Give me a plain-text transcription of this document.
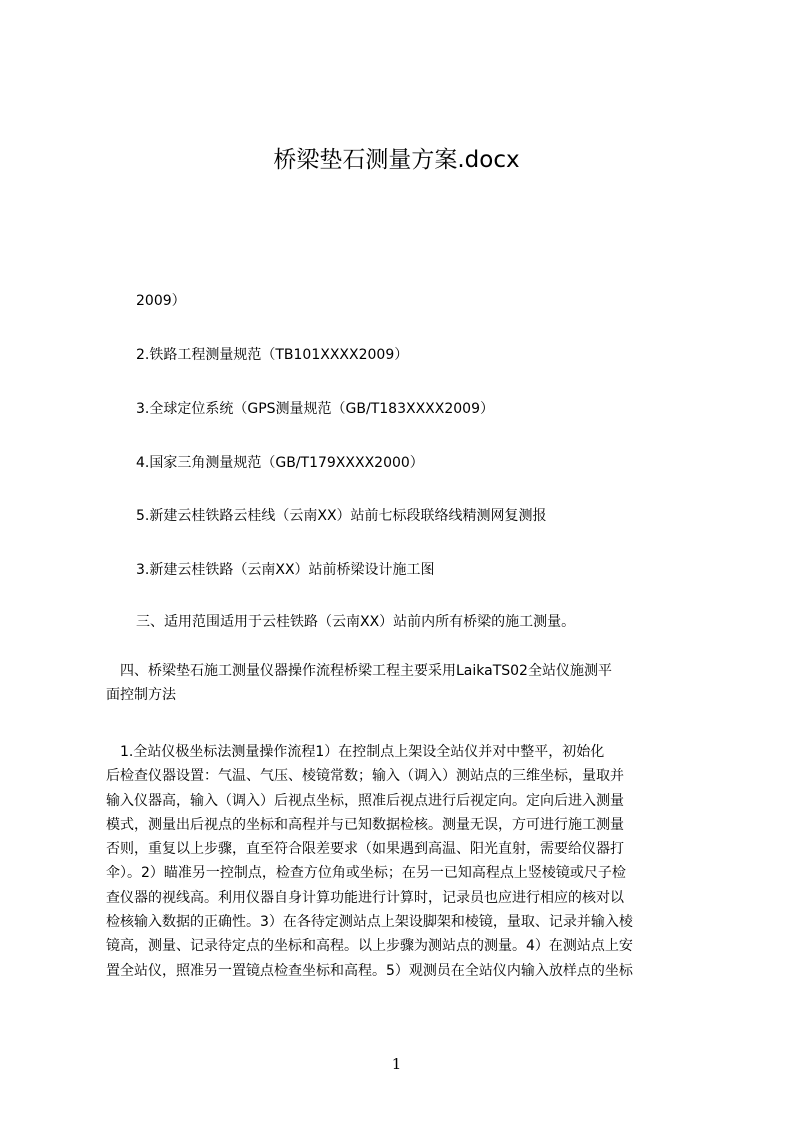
桥梁垫石测量方案.docx
2009）
2.铁路工程测量规范（TB101XXXX2009）
3.全球定位系统（GPS测量规范（GB/T183XXXX2009）
4.国家三角测量规范（GB/T179XXXX2000）
5.新建云桂铁路云桂线（云南XX）站前七标段联络线精测网复测报
3.新建云桂铁路（云南XX）站前桥梁设计施工图
三、适用范围适用于云桂铁路（云南XX）站前内所有桥梁的施工测量。
　四、桥梁垫石施工测量仪器操作流程桥梁工程主要采用LaikaTS02全站仪施测平
面控制方法
　1.全站仪极坐标法测量操作流程1）在控制点上架设全站仪并对中整平，初始化
后检查仪器设置：气温、气压、棱镜常数；输入（调入）测站点的三维坐标，量取并
输入仪器高，输入（调入）后视点坐标，照准后视点进行后视定向。定向后进入测量
模式，测量出后视点的坐标和高程并与已知数据检核。测量无误，方可进行施工测量
否则，重复以上步骤，直至符合限差要求（如果遇到高温、阳光直射，需要给仪器打
伞）。2）瞄准另一控制点，检查方位角或坐标；在另一已知高程点上竖棱镜或尺子检
查仪器的视线高。利用仪器自身计算功能进行计算时，记录员也应进行相应的核对以
检核输入数据的正确性。3）在各待定测站点上架设脚架和棱镜，量取、记录并输入棱
镜高，测量、记录待定点的坐标和高程。以上步骤为测站点的测量。4）在测站点上安
置全站仪，照准另一置镜点检查坐标和高程。5）观测员在全站仪内输入放样点的坐标
1
